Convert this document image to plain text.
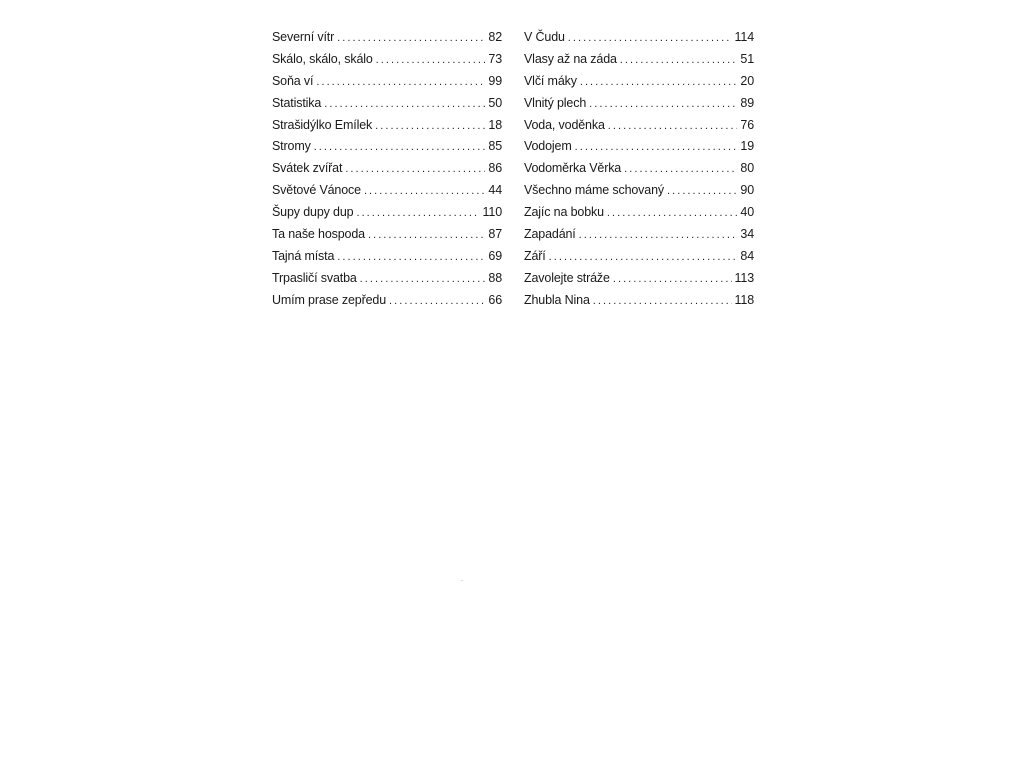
Severní vítr . . .	82
Skálo, skálo, skálo . . .	73
Soňa ví . . .	99
Statistika . . .	50
Strašidýlko Emílek . . .	18
Stromy . . .	85
Svátek zvířat . . .	86
Světové Vánoce . . .	44
Šupy dupy dup . . .	110
Ta naše hospoda . . .	87
Tajná místa . . .	69
Trpasličí svatba . . .	88
Umím prase zepředu . . .	66
V Čudu . . .	114
Vlasy až na záda . . .	51
Vlčí máky . . .	20
Vlnitý plech . . .	89
Voda, voděnka . . .	76
Vodojem . . .	19
Vodoměrka Věrka . . .	80
Všechno máme schovaný . . .	90
Zajíc na bobku . . .	40
Zapadání . . .	34
Září . . .	84
Zavolejte stráže . . .	113
Zhubla Nina . . .	118
